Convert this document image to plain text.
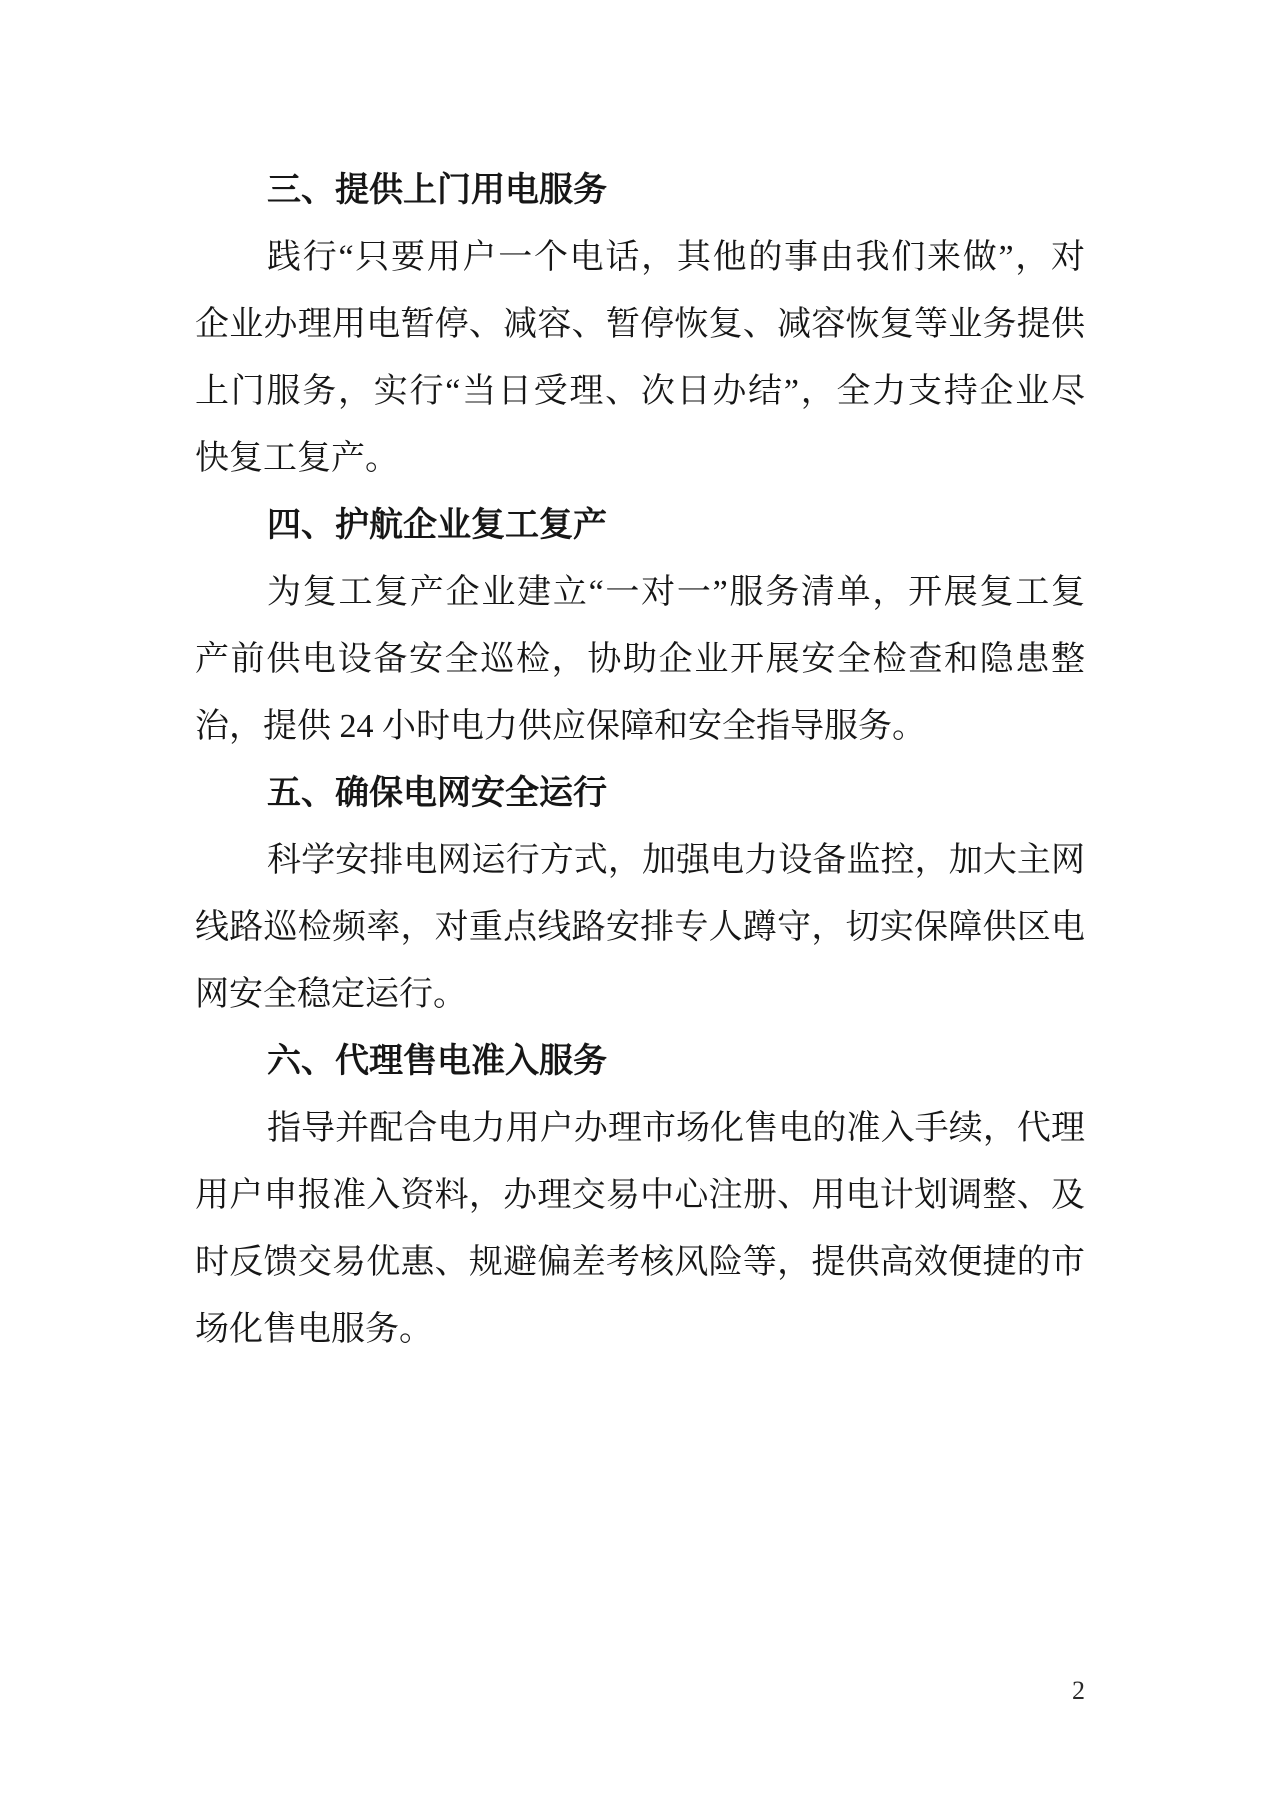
三、提供上门用电服务
践行“只要用户一个电话，其他的事由我们来做”，对
企业办理用电暂停、减容、暂停恢复、减容恢复等业务提供
上门服务，实行“当日受理、次日办结”，全力支持企业尽
快复工复产。
四、护航企业复工复产
为复工复产企业建立“一对一”服务清单，开展复工复
产前供电设备安全巡检，协助企业开展安全检查和隐患整
治，提供 24 小时电力供应保障和安全指导服务。
五、确保电网安全运行
科学安排电网运行方式，加强电力设备监控，加大主网
线路巡检频率，对重点线路安排专人蹲守，切实保障供区电
网安全稳定运行。
六、代理售电准入服务
指导并配合电力用户办理市场化售电的准入手续，代理
用户申报准入资料，办理交易中心注册、用电计划调整、及
时反馈交易优惠、规避偏差考核风险等，提供高效便捷的市
场化售电服务。
2
